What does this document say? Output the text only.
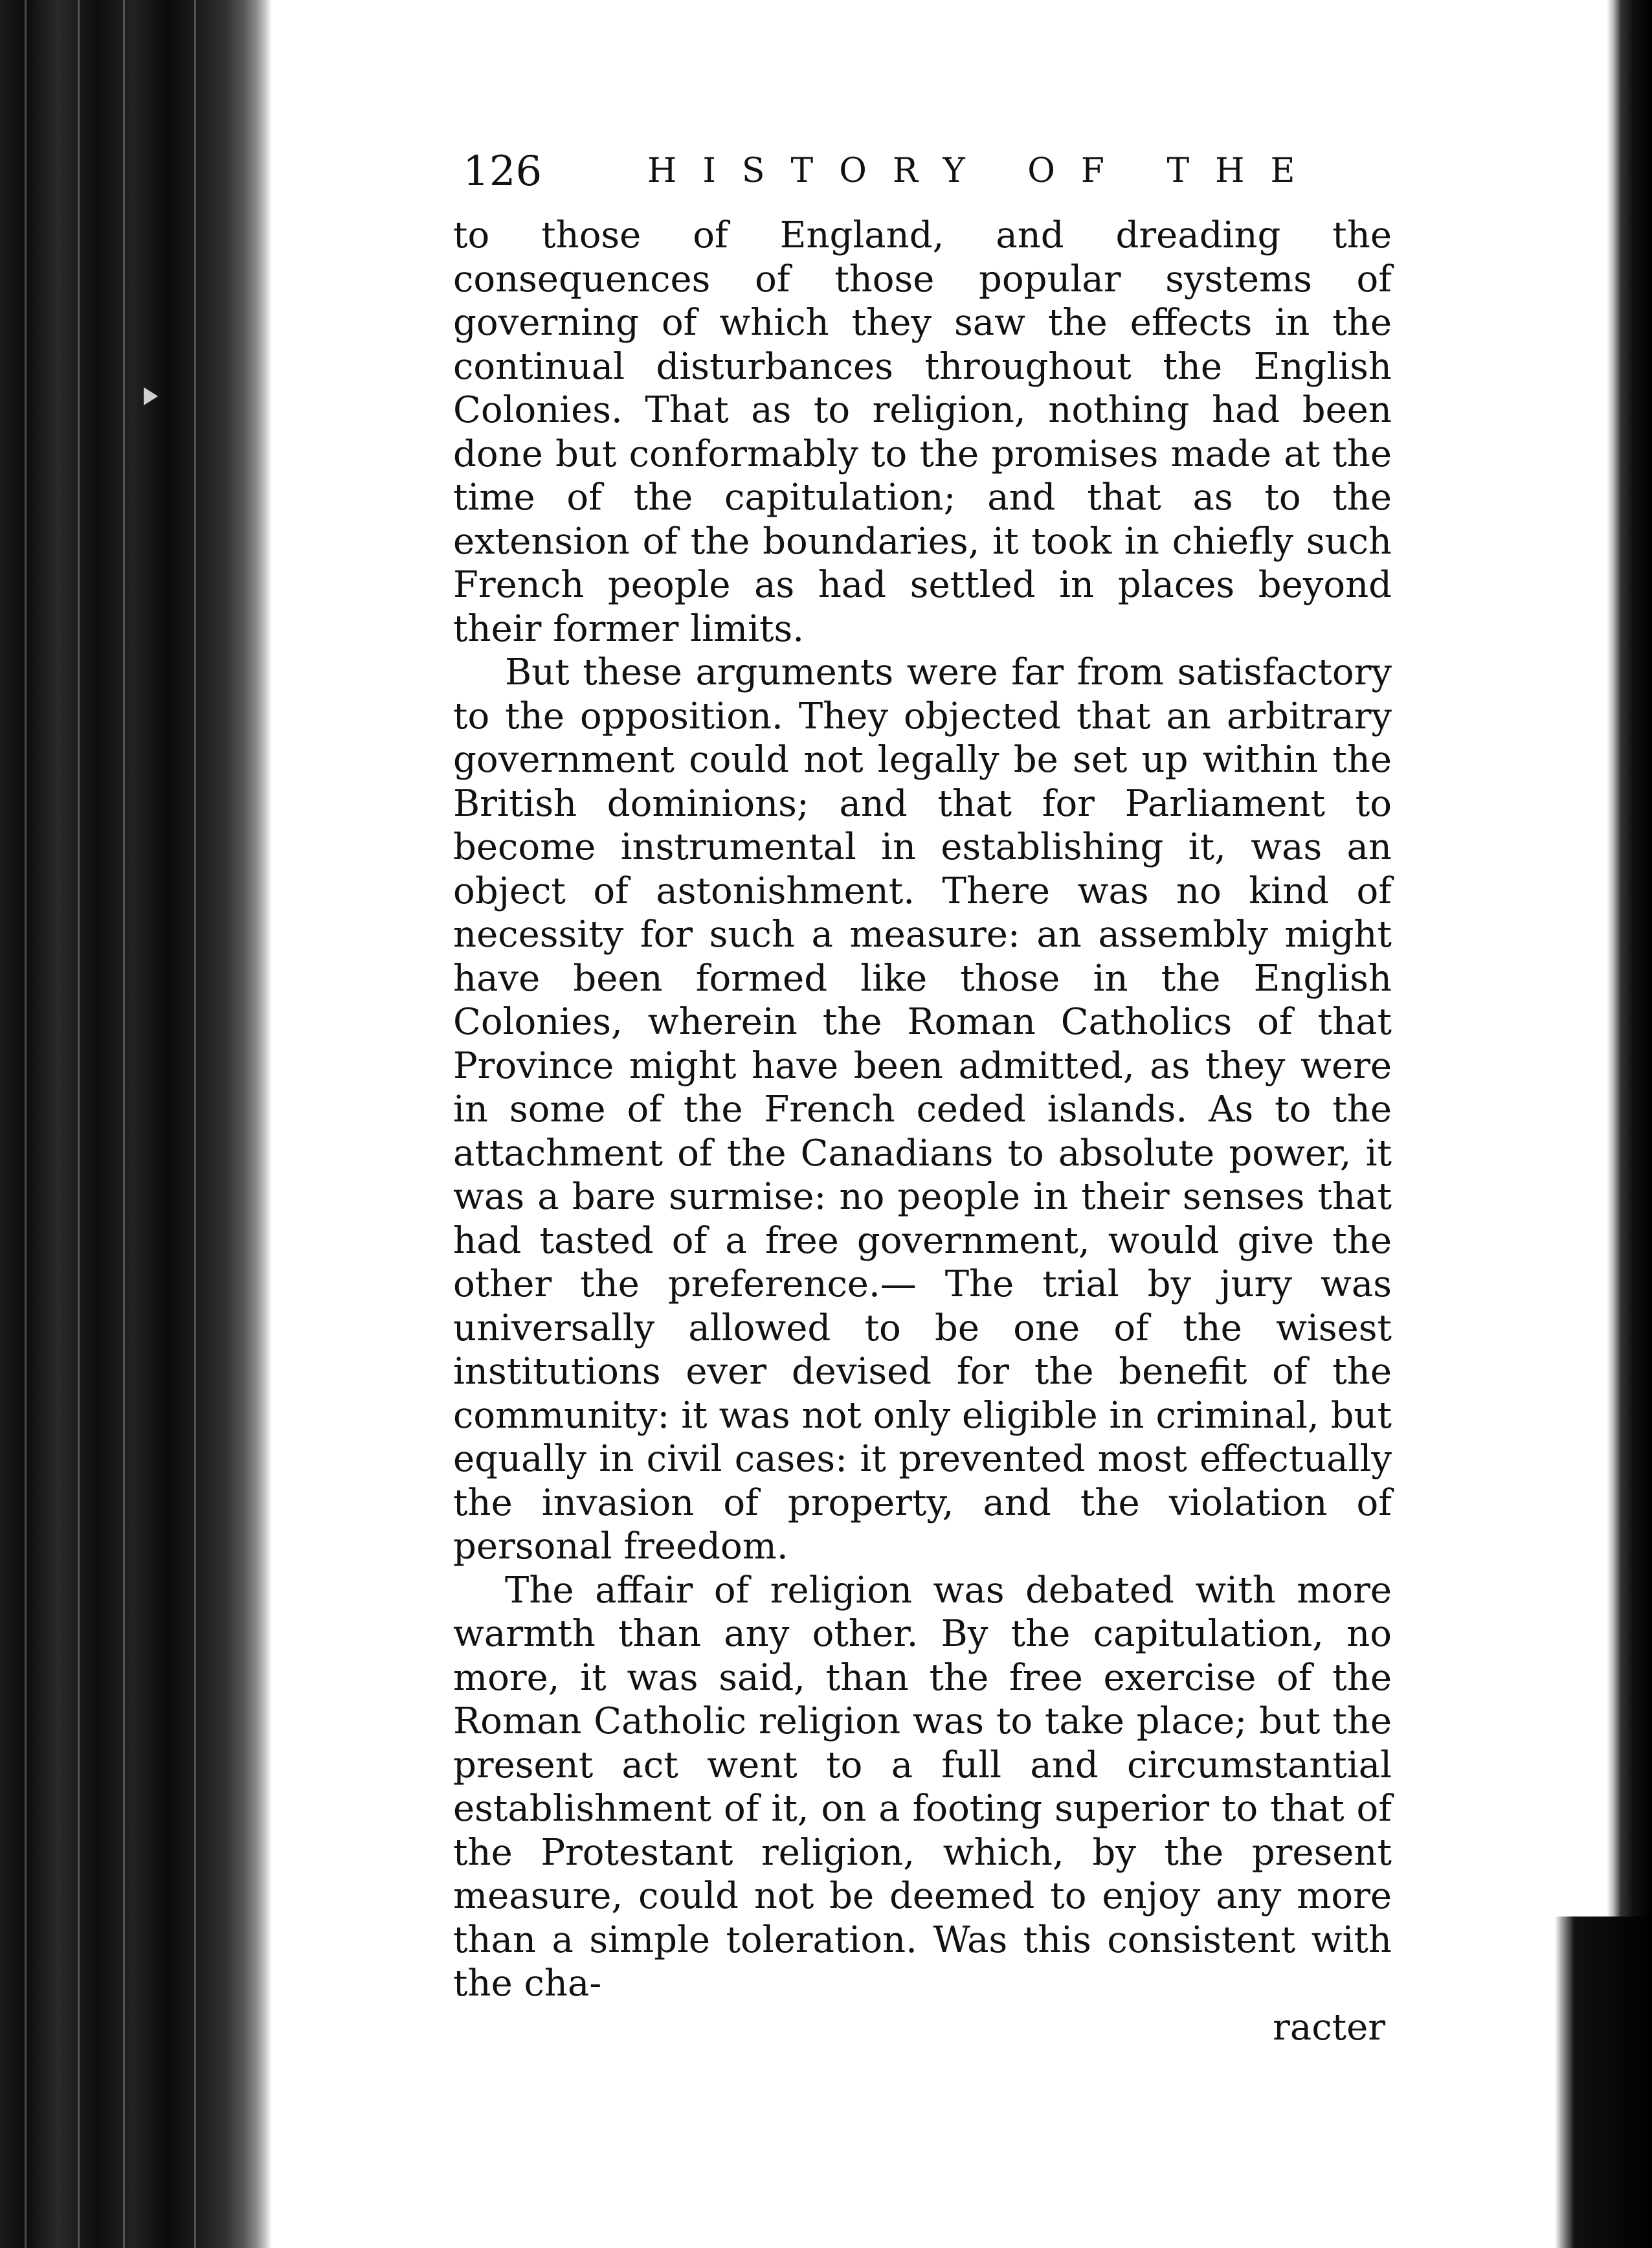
126	HISTORY OF THE

to those of England, and dreading the consequences of those popular systems of governing of which they saw the effects in the continual disturbances throughout the English Colonies. That as to religion, nothing had been done but conformably to the promises made at the time of the capitulation; and that as to the extension of the boundaries, it took in chiefly such French people as had settled in places beyond their former limits.

But these arguments were far from satisfactory to the opposition. They objected that an arbitrary government could not legally be set up within the British dominions; and that for Parliament to become instrumental in establishing it, was an object of astonishment. There was no kind of necessity for such a measure: an assembly might have been formed like those in the English Colonies, wherein the Roman Catholics of that Province might have been admitted, as they were in some of the French ceded islands. As to the attachment of the Canadians to absolute power, it was a bare surmise: no people in their senses that had tasted of a free government, would give the other the preference.— The trial by jury was universally allowed to be one of the wisest institutions ever devised for the benefit of the community: it was not only eligible in criminal, but equally in civil cases: it prevented most effectually the invasion of property, and the violation of personal freedom.

The affair of religion was debated with more warmth than any other. By the capitulation, no more, it was said, than the free exercise of the Roman Catholic religion was to take place; but the present act went to a full and circumstantial establishment of it, on a footing superior to that of the Protestant religion, which, by the present measure, could not be deemed to enjoy any more than a simple toleration. Was this consistent with the cha-

racter
